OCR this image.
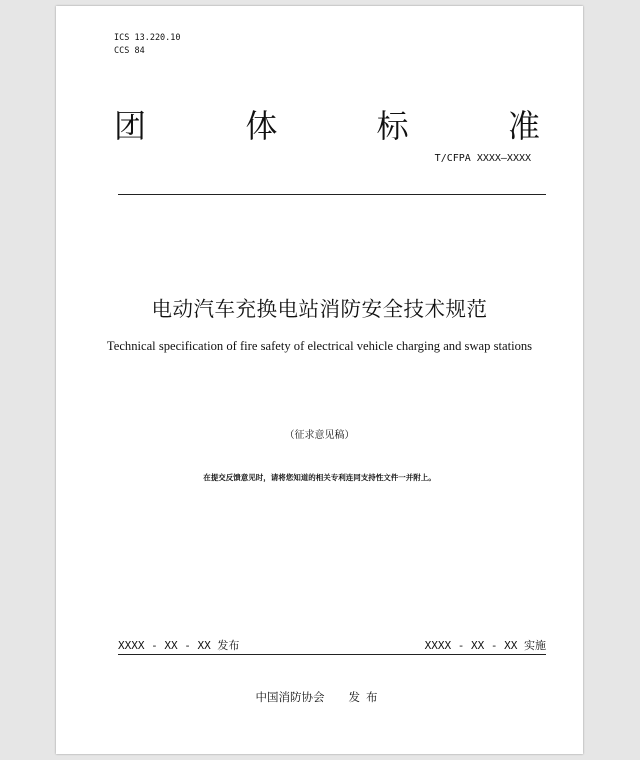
ICS 13.220.10
CCS 84
团	体	标	准
T/CFPA XXXX—XXXX
电动汽车充换电站消防安全技术规范
Technical specification of fire safety of electrical vehicle charging and swap stations
（征求意见稿）
在提交反馈意见时，请将您知道的相关专利连同支持性文件一并附上。
XXXX - XX - XX 发布	XXXX - XX - XX 实施
中国消防协会 发布
